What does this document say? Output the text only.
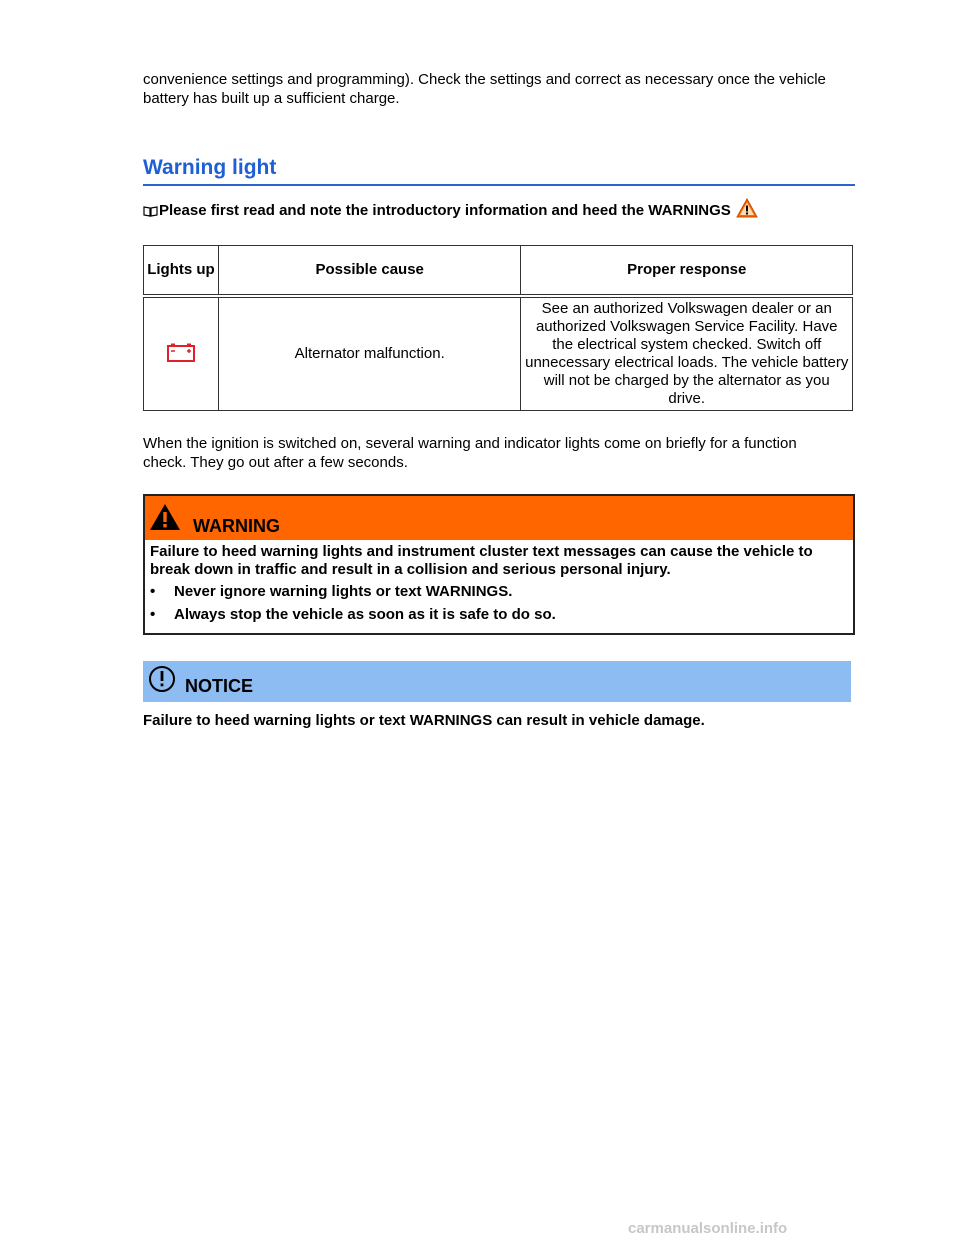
convenience settings and programming). Check the settings and correct as necessary once the vehicle battery has built up a sufficient charge.

Warning light
Please first read and note the introductory information and heed the WARNINGS
Lights up	Possible cause	Proper response
	Alternator malfunction.	See an authorized Volkswagen dealer or an authorized Volkswagen Service Facility. Have the electrical system checked. Switch off unnecessary electrical loads. The vehicle battery will not be charged by the alternator as you drive.

When the ignition is switched on, several warning and indicator lights come on briefly for a function check. They go out after a few seconds.

WARNING

Failure to heed warning lights and instrument cluster text messages can cause the vehicle to break down in traffic and result in a collision and serious personal injury.

•	Never ignore warning lights or text WARNINGS.
•	Always stop the vehicle as soon as it is safe to do so.
NOTICE

Failure to heed warning lights or text WARNINGS can result in vehicle damage.

carmanualsonline.info
